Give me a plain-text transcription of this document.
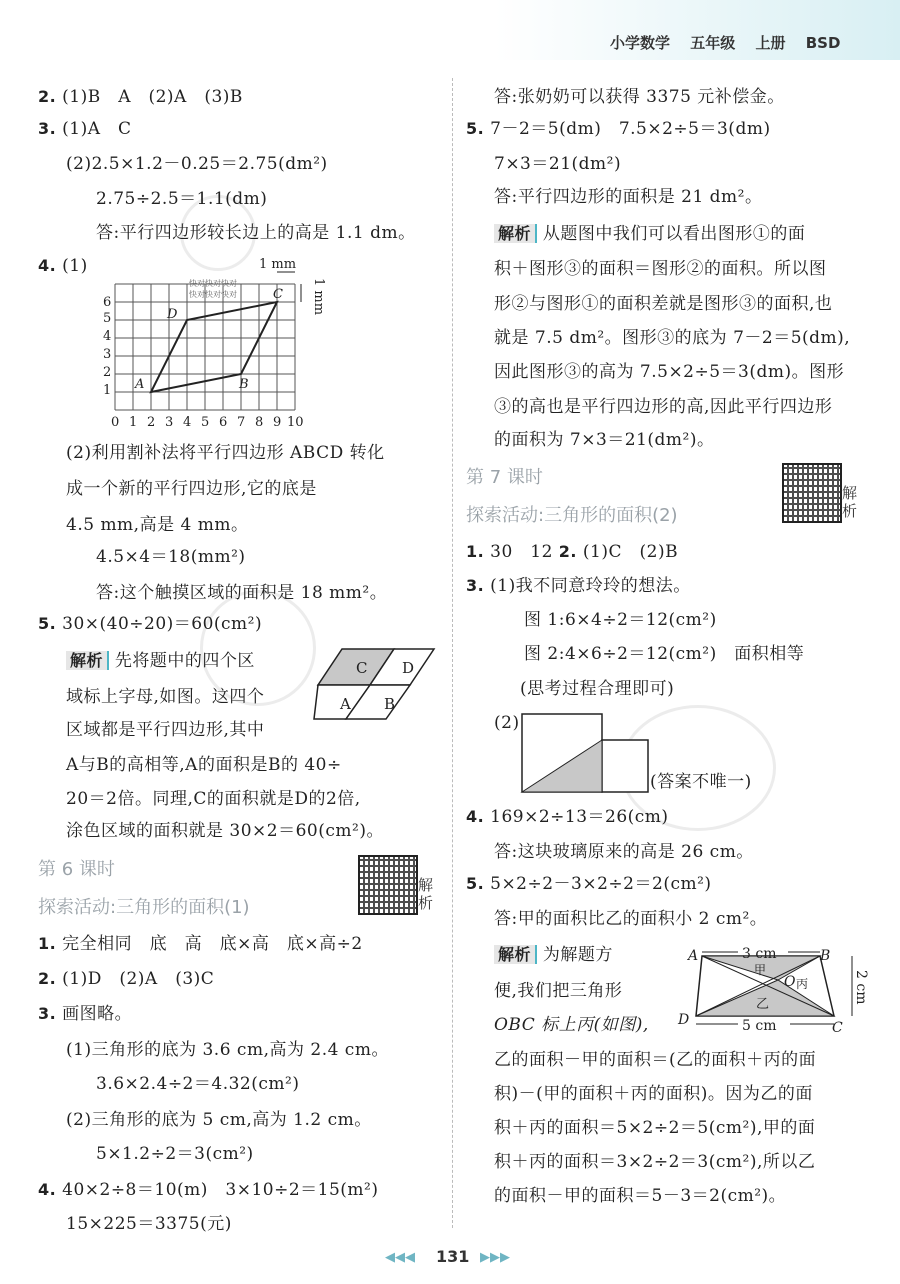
小学数学　 五年级　 上册　 BSD
2. (1)B　A　(2)A　(3)B
3. (1)A　C
(2)2.5×1.2－0.25＝2.75(dm²)
2.75÷2.5＝1.1(dm)
答:平行四边形较长边上的高是 1.1 dm。
4. (1)
1
2
3
4
5
6
0 1 2 3 4 5 6 7 8 9 10
A	B
C
D
1 mm
快对快对快对
快对快对快对	1 mm
(2)利用割补法将平行四边形 ABCD 转化
成一个新的平行四边形,它的底是
4.5 mm,高是 4 mm。
4.5×4＝18(mm²)
答:这个触摸区域的面积是 18 mm²。
5. 30×(40÷20)＝60(cm²)
解析 先将题中的四个区
域标上字母,如图。这四个
区域都是平行四边形,其中
A与B的高相等,A的面积是B的 40÷
20＝2倍。同理,C的面积就是D的2倍,
涂色区域的面积就是 30×2＝60(cm²)。
C D
A B
第 6 课时
探索活动:三角形的面积(1)
解
析
1. 完全相同　底　高　底×高　底×高÷2
2. (1)D　(2)A　(3)C
3. 画图略。
(1)三角形的底为 3.6 cm,高为 2.4 cm。
3.6×2.4÷2＝4.32(cm²)
(2)三角形的底为 5 cm,高为 1.2 cm。
5×1.2÷2＝3(cm²)
4. 40×2÷8＝10(m)　3×10÷2＝15(m²)
15×225＝3375(元)
答:张奶奶可以获得 3375 元补偿金。
5. 7－2＝5(dm)　7.5×2÷5＝3(dm)
7×3＝21(dm²)
答:平行四边形的面积是 21 dm²。
解析 从题图中我们可以看出图形①的面
积＋图形③的面积＝图形②的面积。所以图
形②与图形①的面积差就是图形③的面积,也
就是 7.5 dm²。图形③的底为 7－2＝5(dm),
因此图形③的高为 7.5×2÷5＝3(dm)。图形
③的高也是平行四边形的高,因此平行四边形
的面积为 7×3＝21(dm²)。
第 7 课时
探索活动:三角形的面积(2)
解
析
1. 30　12 2. (1)C　(2)B
3. (1)我不同意玲玲的想法。
图 1:6×4÷2＝12(cm²)
图 2:4×6÷2＝12(cm²)　面积相等
(思考过程合理即可)
(2)
(答案不唯一)
4. 169×2÷13＝26(cm)
答:这块玻璃原来的高是 26 cm。
5. 5×2÷2－3×2÷2＝2(cm²)
答:甲的面积比乙的面积小 2 cm²。
解析 为解题方
便,我们把三角形
OBC 标上丙(如图),
A	B
D	C
O
3 cm
5 cm
2 cm
甲
乙
丙
乙的面积－甲的面积＝(乙的面积＋丙的面
积)－(甲的面积＋丙的面积)。因为乙的面
积＋丙的面积＝5×2÷2＝5(cm²),甲的面
积＋丙的面积＝3×2÷2＝3(cm²),所以乙
的面积－甲的面积＝5－3＝2(cm²)。
◀◀◀ 131 ▶▶▶
